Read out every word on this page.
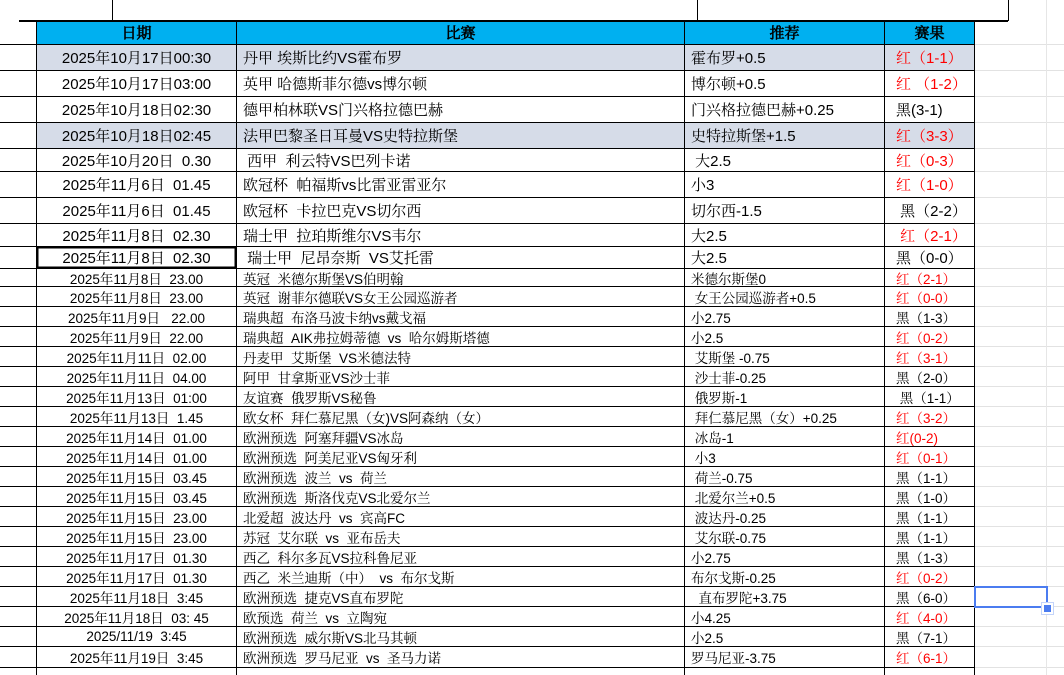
日期	比赛	推荐	赛果
2025年10月17日00:30	丹甲 埃斯比约VS霍布罗	霍布罗+0.5	红（1-1）
2025年10月17日03:00	英甲 哈德斯菲尔德vs博尔顿	博尔顿+0.5	红 （1-2）
2025年10月18日02:30	德甲柏林联VS门兴格拉德巴赫	门兴格拉德巴赫+0.25	黑(3-1)
2025年10月18日02:45	法甲巴黎圣日耳曼VS史特拉斯堡	史特拉斯堡+1.5	红（3-3）
2025年10月20日  0.30	西甲  利云特VS巴列卡诺	大2.5	红（0-3）
2025年11月6日  01.45	欧冠杯  帕福斯vs比雷亚雷亚尔	小3	红（1-0）
2025年11月6日  01.45	欧冠杯  卡拉巴克VS切尔西	切尔西-1.5	黑（2-2）
2025年11月8日  02.30	瑞士甲  拉珀斯维尔VS韦尔	大2.5	红（2-1）
2025年11月8日  02.30	瑞士甲  尼昂奈斯  VS艾托雷	大2.5	黑（0-0）
2025年11月8日  23.00	英冠  米德尔斯堡VS伯明翰	米德尔斯堡0	红（2-1）
2025年11月8日  23.00	英冠  谢菲尔德联VS女王公园巡游者	女王公园巡游者+0.5	红（0-0）
2025年11月9日   22.00	瑞典超  布洛马波卡纳vs戴戈福	小2.75	黑（1-3）
2025年11月9日  22.00	瑞典超  AIK弗拉姆蒂德  vs  哈尔姆斯塔德	小2.5	红（0-2）
2025年11月11日  02.00	丹麦甲  艾斯堡  VS米德法特	艾斯堡 -0.75	红（3-1）
2025年11月11日  04.00	阿甲  甘拿斯亚VS沙士菲	沙士菲-0.25	黑（2-0）
2025年11月13日  01:00	友谊赛  俄罗斯VS秘鲁	俄罗斯-1	黑（1-1）
2025年11月13日  1.45	欧女杯  拜仁慕尼黑（女)VS阿森纳（女）	拜仁慕尼黑（女）+0.25	红（3-2）
2025年11月14日  01.00	欧洲预选  阿塞拜疆VS冰岛	冰岛-1	红(0-2)
2025年11月14日  01.00	欧洲预选  阿美尼亚VS匈牙利	小3	红（0-1）
2025年11月15日  03.45	欧洲预选  波兰  vs  荷兰	荷兰-0.75	黑（1-1）
2025年11月15日  03.45	欧洲预选  斯洛伐克VS北爱尔兰	北爱尔兰+0.5	黑（1-0）
2025年11月15日  23.00	北爱超  波达丹  vs  宾高FC	波达丹-0.25	黑（1-1）
2025年11月15日  23.00	苏冠  艾尔联  vs  亚布岳夫	艾尔联-0.75	黑（1-1）
2025年11月17日  01.30	西乙  科尔多瓦VS拉科鲁尼亚	小2.75	黑（1-3）
2025年11月17日  01.30	西乙  米兰迪斯（中）  vs  布尔戈斯	布尔戈斯-0.25	红（0-2）
2025年11月18日  3:45	欧洲预选  捷克VS直布罗陀	直布罗陀+3.75	黑（6-0）
2025年11月18日  03: 45	欧预选  荷兰  vs  立陶宛	小4.25	红（4-0）
2025/11/19  3:45	欧洲预选  威尔斯VS北马其顿	小2.5	黑（7-1）
2025年11月19日  3:45	欧洲预选  罗马尼亚  vs  圣马力诺	罗马尼亚-3.75	红（6-1）
